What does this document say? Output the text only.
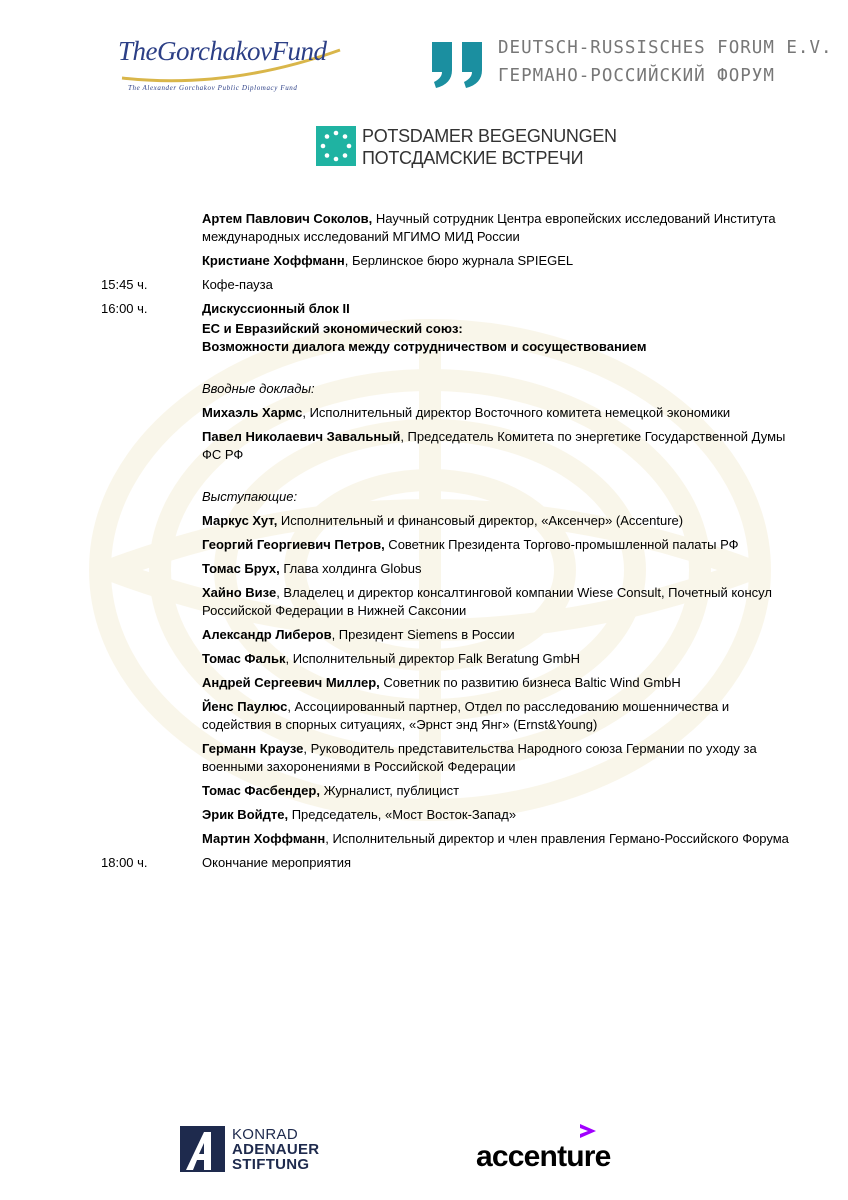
TheGorchakovFund
The Alexander Gorchakov Public Diplomacy Fund
DEUTSCH-RUSSISCHES FORUM E.V.
ГЕРМАНО-РОССИЙСКИЙ ФОРУМ
POTSDAMER BEGEGNUNGEN
ПОТСДАМСКИЕ ВСТРЕЧИ
Артем Павлович Соколов, Научный сотрудник Центра европейских исследований Института международных исследований МГИМО МИД России
Кристиане Хоффманн, Берлинское бюро журнала SPIEGEL
15:45 ч.	Кофе-пауза
16:00 ч.	Дискуссионный блок II
ЕС и Евразийский экономический союз:
Возможности диалога между сотрудничеством и сосуществованием
Вводные доклады:
Михаэль Хармс, Исполнительный директор Восточного комитета немецкой экономики
Павел Николаевич Завальный, Председатель Комитета по энергетике Государственной Думы ФС РФ
Выступающие:
Маркус Хут, Исполнительный и финансовый директор, «Аксенчер» (Accenture)
Георгий Георгиевич Петров, Советник Президента Торгово-промышленной палаты РФ
Томас Брух, Глава холдинга Globus
Хайно Визе, Владелец и директор консалтинговой компании Wiese Consult, Почетный консул Российской Федерации в Нижней Саксонии
Александр Либеров, Президент Siemens в России
Томас Фальк, Исполнительный директор Falk Beratung GmbH
Андрей Сергеевич Миллер, Советник по развитию бизнеса Baltic Wind GmbH
Йенс Паулюс, Ассоциированный партнер, Отдел по расследованию мошенничества и содействия в спорных ситуациях, «Эрнст энд Янг» (Ernst&Young)
Германн Краузе, Руководитель представительства Народного союза Германии по уходу за военными захоронениями в Российской Федерации
Томас Фасбендер, Журналист, публицист
Эрик Войдте, Председатель, «Мост Восток-Запад»
Мартин Хоффманн, Исполнительный директор и член правления Германо-Российского Форума
18:00 ч.	Окончание мероприятия
KONRAD
ADENAUER
STIFTUNG	accenture
